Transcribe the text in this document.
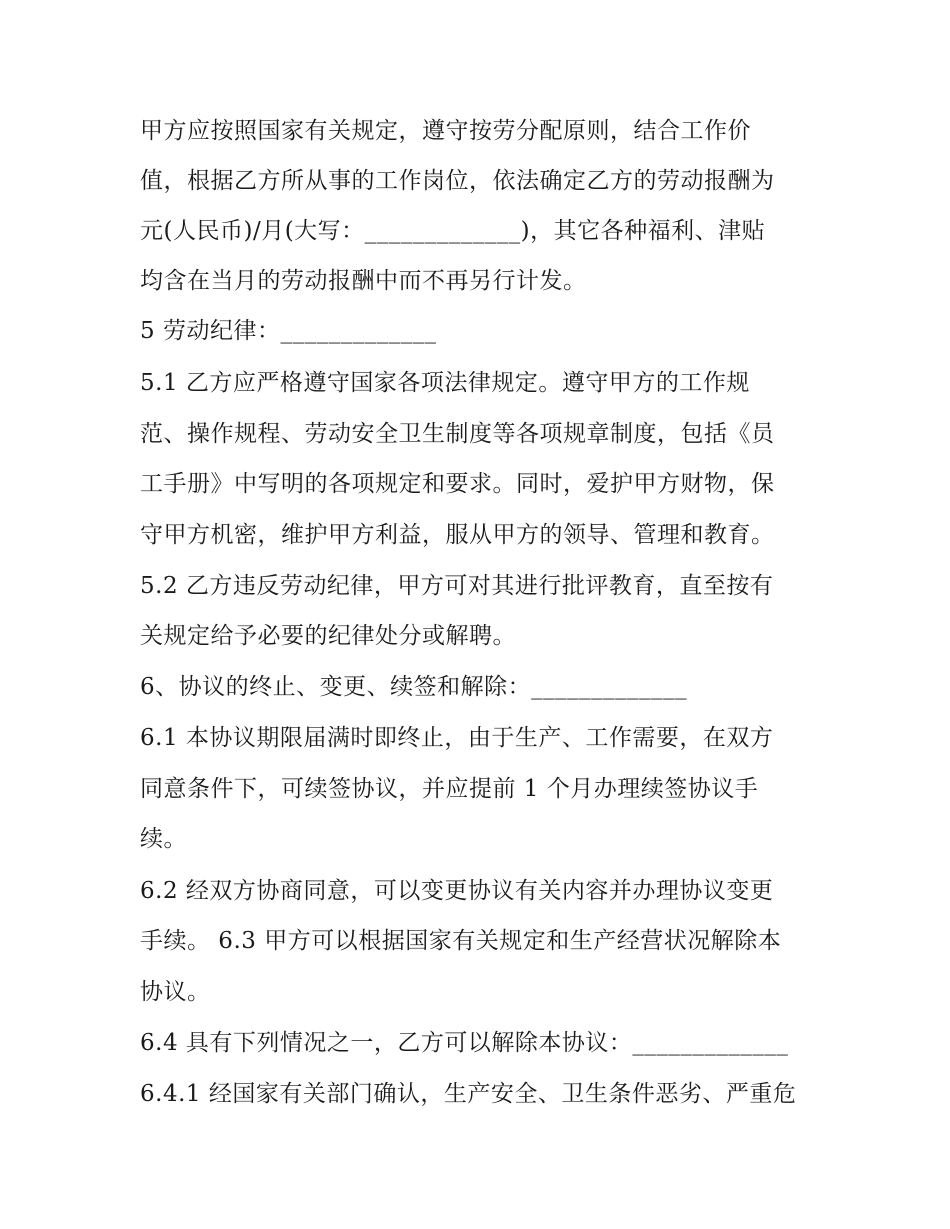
甲方应按照国家有关规定，遵守按劳分配原则，结合工作价

值，根据乙方所从事的工作岗位，依法确定乙方的劳动报酬为

元(人民币)/月(大写：_____________)，其它各种福利、津贴

均含在当月的劳动报酬中而不再另行计发。

5 劳动纪律：_____________

5.1 乙方应严格遵守国家各项法律规定。遵守甲方的工作规

范、操作规程、劳动安全卫生制度等各项规章制度，包括《员

工手册》中写明的各项规定和要求。同时，爱护甲方财物，保

守甲方机密，维护甲方利益，服从甲方的领导、管理和教育。

5.2 乙方违反劳动纪律，甲方可对其进行批评教育，直至按有

关规定给予必要的纪律处分或解聘。

6、协议的终止、变更、续签和解除：_____________

6.1 本协议期限届满时即终止，由于生产、工作需要，在双方

同意条件下，可续签协议，并应提前 1 个月办理续签协议手

续。

6.2 经双方协商同意，可以变更协议有关内容并办理协议变更

手续。 6.3 甲方可以根据国家有关规定和生产经营状况解除本

协议。

6.4 具有下列情况之一，乙方可以解除本协议：_____________

6.4.1 经国家有关部门确认，生产安全、卫生条件恶劣、严重危
